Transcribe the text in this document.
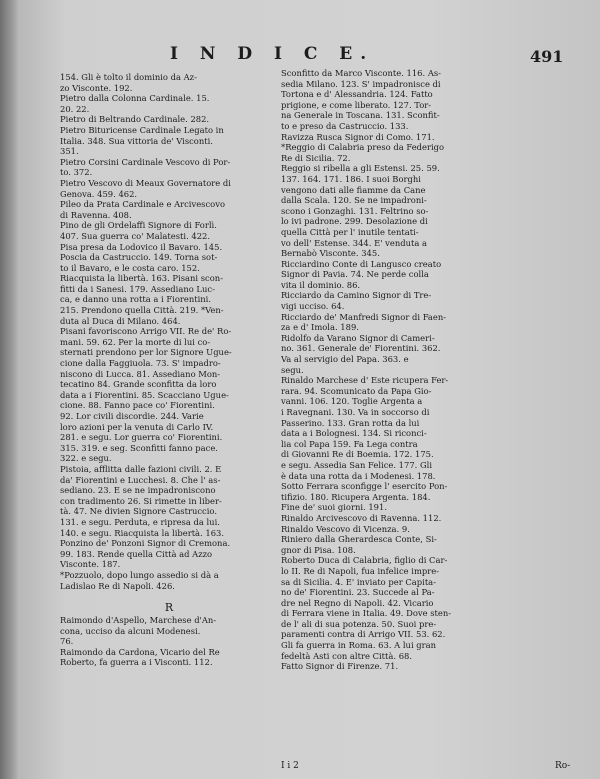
I N D I C E.	491
154. Gli è tolto il dominio da Az-
zo Visconte. 192.
Pietro dalla Colonna Cardinale. 15.
20. 22.
Pietro di Beltrando Cardinale. 282.
Pietro Bituricense Cardinale Legato in
Italia. 348. Sua vittoria de' Visconti.
351.
Pietro Corsini Cardinale Vescovo di Por-
to. 372.
Pietro Vescovo di Meaux Governatore di
Genova. 459. 462.
Pileo da Prata Cardinale e Arcivescovo
di Ravenna. 408.
Pino de gli Ordelaffi Signore di Forlì.
407. Sua guerra co' Malatesti. 422.
Pisa presa da Lodovico il Bavaro. 145.
Poscia da Castruccio. 149. Torna sot-
to il Bavaro, e le costa caro. 152.
Riacquista la libertà. 163. Pisani scon-
fitti da i Sanesi. 179. Assediano Luc-
ca, e danno una rotta a i Fiorentini.
215. Prendono quella Città. 219. *Ven-
duta al Duca di Milano. 464.
Pisani favoriscono Arrigo VII. Re de' Ro-
mani. 59. 62. Per la morte di lui co-
sternati prendono per lor Signore Ugue-
cione dalla Faggiuola. 73. S' impadro-
niscono di Lucca. 81. Assediano Mon-
tecatino 84. Grande sconfitta da loro
data a i Fiorentini. 85. Scacciano Ugue-
cione. 88. Fanno pace co' Fiorentini.
92. Lor civili discordie. 244. Varie
loro azioni per la venuta di Carlo IV.
281. e segu. Lor guerra co' Fiorentini.
315. 319. e seg. Sconfitti fanno pace.
322. e segu.
Pistoia, afflitta dalle fazioni civili. 2. E
da' Fiorentini e Lucchesi. 8. Che l' as-
sediano. 23. E se ne impadroniscono
con tradimento 26. Si rimette in liber-
tà. 47. Ne divien Signore Castruccio.
131. e segu. Perduta, e ripresa da lui.
140. e segu. Riacquista la libertà. 163.
Ponzino de' Ponzoni Signor di Cremona.
99. 183. Rende quella Città ad Azzo
Visconte. 187.
*Pozzuolo, dopo lungo assedio si dà a
Ladislao Re di Napoli. 426.
R
Raimondo d'Aspello, Marchese d'An-
cona, ucciso da alcuni Modenesi.
76.
Raimondo da Cardona, Vicario del Re
Roberto, fa guerra a i Visconti. 112.
Sconfitto da Marco Visconte. 116. As-
sedia Milano. 123. S' impadronisce di
Tortona e d' Alessandria. 124. Fatto
prigione, e come liberato. 127. Tor-
na Generale in Toscana. 131. Sconfit-
to e preso da Castruccio. 133.
Ravizza Rusca Signor di Como. 171.
*Reggio di Calabria preso da Federigo
Re di Sicilia. 72.
Reggio si ribella a gli Estensi. 25. 59.
137. 164. 171. 186. I suoi Borghi
vengono dati alle fiamme da Cane
dalla Scala. 120. Se ne impadroni-
scono i Gonzaghi. 131. Feltrino so-
lo ivi padrone. 299. Desolazione di
quella Città per l' inutile tentati-
vo dell' Estense. 344. E' venduta a
Bernabò Visconte. 345.
Ricciardino Conte di Langusco creato
Signor di Pavia. 74. Ne perde colla
vita il dominio. 86.
Ricciardo da Camino Signor di Tre-
vigi ucciso. 64.
Ricciardo de' Manfredi Signor di Faen-
za e d' Imola. 189.
Ridolfo da Varano Signor di Cameri-
no. 361. Generale de' Fiorentini. 362.
Va al servigio del Papa. 363. e
segu.
Rinaldo Marchese d' Este ricupera Fer-
rara. 94. Scomunicato da Papa Gio-
vanni. 106. 120. Toglie Argenta a
i Ravegnani. 130. Va in soccorso di
Passerino. 133. Gran rotta da lui
data a i Bolognesi. 134. Si riconci-
lia col Papa 159. Fa Lega contra
di Giovanni Re di Boemia. 172. 175.
e segu. Assedia San Felice. 177. Gli
è data una rotta da i Modenesi. 178.
Sotto Ferrara sconfigge l' esercito Pon-
tifizio. 180. Ricupera Argenta. 184.
Fine de' suoi giorni. 191.
Rinaldo Arcivescovo di Ravenna. 112.
Rinaldo Vescovo di Vicenza. 9.
Riniero dalla Gherardesca Conte, Si-
gnor di Pisa. 108.
Roberto Duca di Calabria, figlio di Car-
lo II. Re di Napoli, fua infelice impre-
sa di Sicilia. 4. E' inviato per Capita-
no de' Fiorentini. 23. Succede al Pa-
dre nel Regno di Napoli. 42. Vicario
di Ferrara viene in Italia. 49. Dove sten-
de l' ali di sua potenza. 50. Suoi pre-
paramenti contra di Arrigo VII. 53. 62.
Gli fa guerra in Roma. 63. A lui gran
fedeltà Asti con altre Città. 68.
Fatto Signor di Firenze. 71.
I i 2	Ro-
